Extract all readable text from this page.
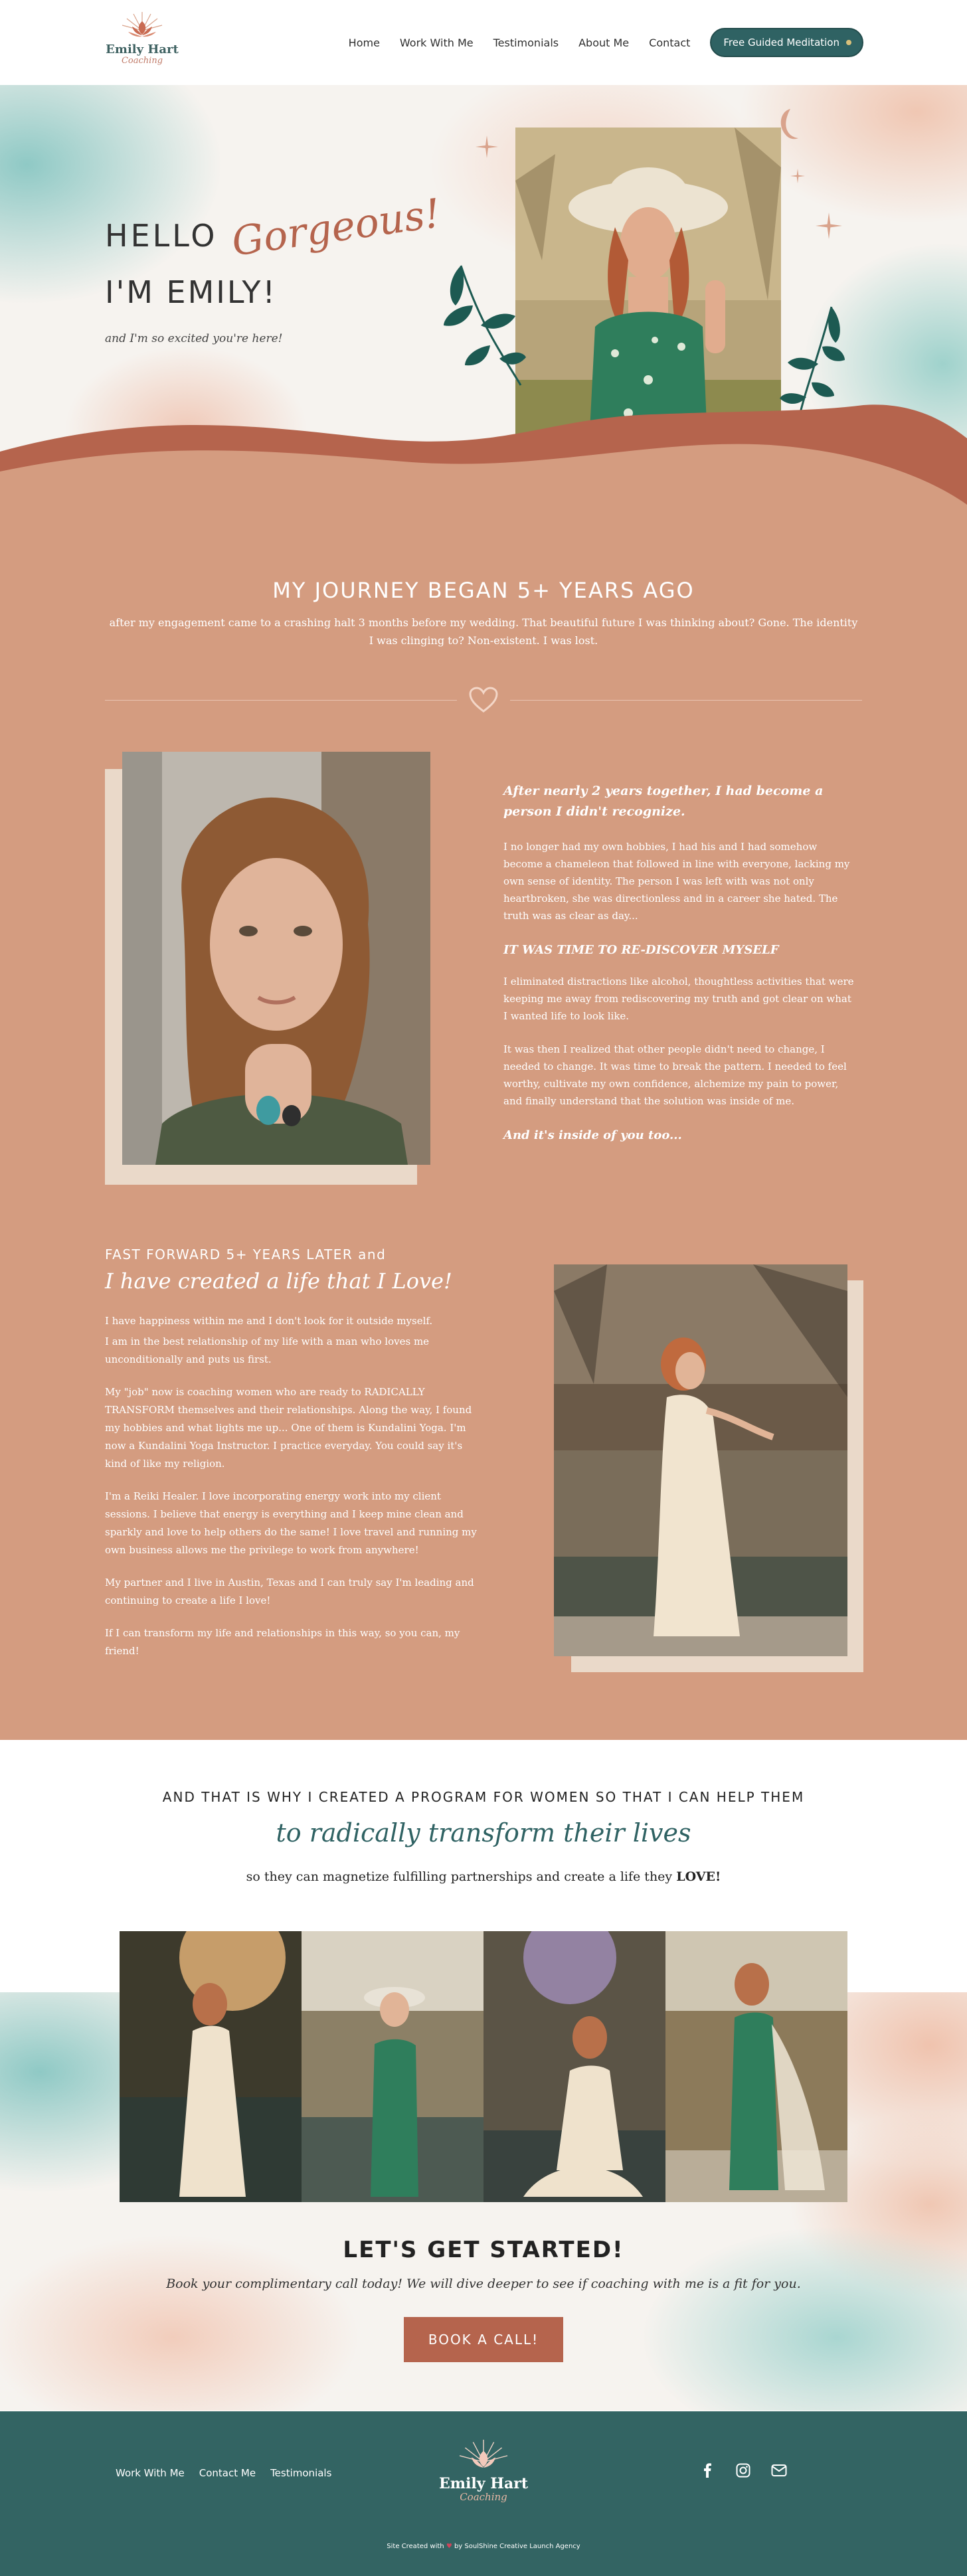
Emily Hart
Coaching
Home Work With Me Testimonials About Me Contact	Free Guided Meditation
HELLO Gorgeous!
I'M EMILY!
and I'm so excited you're here!
MY JOURNEY BEGAN 5+ YEARS AGO
after my engagement came to a crashing halt 3 months before my wedding. That beautiful future I was thinking about? Gone. The identity I was clinging to? Non-existent. I was lost.
After nearly 2 years together, I had become a person I didn't recognize.
I no longer had my own hobbies, I had his and I had somehow become a chameleon that followed in line with everyone, lacking my own sense of identity. The person I was left with was not only heartbroken, she was directionless and in a career she hated. The truth was as clear as day...
IT WAS TIME TO RE-DISCOVER MYSELF
I eliminated distractions like alcohol, thoughtless activities that were keeping me away from rediscovering my truth and got clear on what I wanted life to look like.
It was then I realized that other people didn't need to change, I needed to change. It was time to break the pattern. I needed to feel worthy, cultivate my own confidence, alchemize my pain to power, and finally understand that the solution was inside of me.
And it's inside of you too...
FAST FORWARD 5+ YEARS LATER and
I have created a life that I Love!

I have happiness within me and I don't look for it outside myself.

I am in the best relationship of my life with a man who loves me unconditionally and puts us first.

My "job" now is coaching women who are ready to RADICALLY TRANSFORM themselves and their relationships. Along the way, I found my hobbies and what lights me up... One of them is Kundalini Yoga. I'm now a Kundalini Yoga Instructor. I practice everyday. You could say it's kind of like my religion.

I'm a Reiki Healer. I love incorporating energy work into my client sessions. I believe that energy is everything and I keep mine clean and sparkly and love to help others do the same! I love travel and running my own business allows me the privilege to work from anywhere!

My partner and I live in Austin, Texas and I can truly say I'm leading and continuing to create a life I love!

If I can transform my life and relationships in this way, so you can, my friend!

AND THAT IS WHY I CREATED A PROGRAM FOR WOMEN SO THAT I CAN HELP THEM
to radically transform their lives
so they can magnetize fulfilling partnerships and create a life they LOVE!
LET'S GET STARTED!
Book your complimentary call today! We will dive deeper to see if coaching with me is a fit for you.
BOOK A CALL!
Work With Me Contact Me Testimonials
Emily Hart
Coaching
Site Created with ♥ by SoulShine Creative Launch Agency
